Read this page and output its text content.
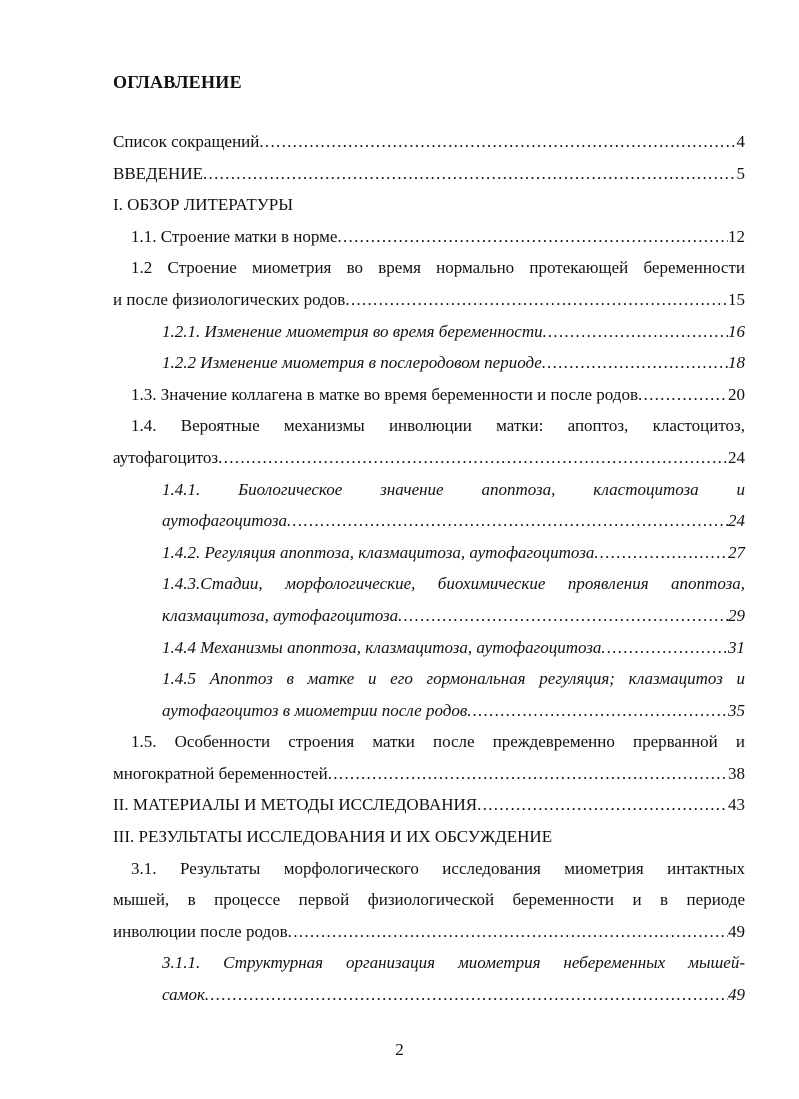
ОГЛАВЛЕНИЕ
Список сокращений .....	4
ВВЕДЕНИЕ .....	5
I. ОБЗОР ЛИТЕРАТУРЫ
1.1. Строение матки в норме .....	12
1.2 Строение миометрия во время нормально протекающей беременности
и после физиологических родов .....	15
1.2.1. Изменение миометрия во время беременности .....	16
1.2.2 Изменение миометрия в послеродовом периоде .....	18
1.3. Значение коллагена в матке во время беременности и после родов .....	20
1.4. Вероятные механизмы инволюции матки: апоптоз, кластоцитоз,
аутофагоцитоз .....	24
1.4.1. Биологическое значение апоптоза, кластоцитоза и
аутофагоцитоза .....	24
1.4.2. Регуляция апоптоза, клазмацитоза, аутофагоцитоза .....	27
1.4.3.Стадии, морфологические, биохимические проявления апоптоза,
клазмацитоза, аутофагоцитоза .....	29
1.4.4 Механизмы апоптоза, клазмацитоза, аутофагоцитоза .....	31
1.4.5 Апоптоз в матке и его гормональная регуляция; клазмацитоз и
аутофагоцитоз в миометрии после родов .....	35
1.5. Особенности строения матки после преждевременно прерванной и
многократной беременностей .....	38
II. МАТЕРИАЛЫ И МЕТОДЫ ИССЛЕДОВАНИЯ .....	43
III. РЕЗУЛЬТАТЫ ИССЛЕДОВАНИЯ И ИХ ОБСУЖДЕНИЕ
3.1. Результаты морфологического исследования миометрия интактных
мышей, в процессе первой физиологической беременности и в периоде
инволюции после родов .....	49
3.1.1. Структурная организация миометрия небеременных мышей-
самок .....	49
2
